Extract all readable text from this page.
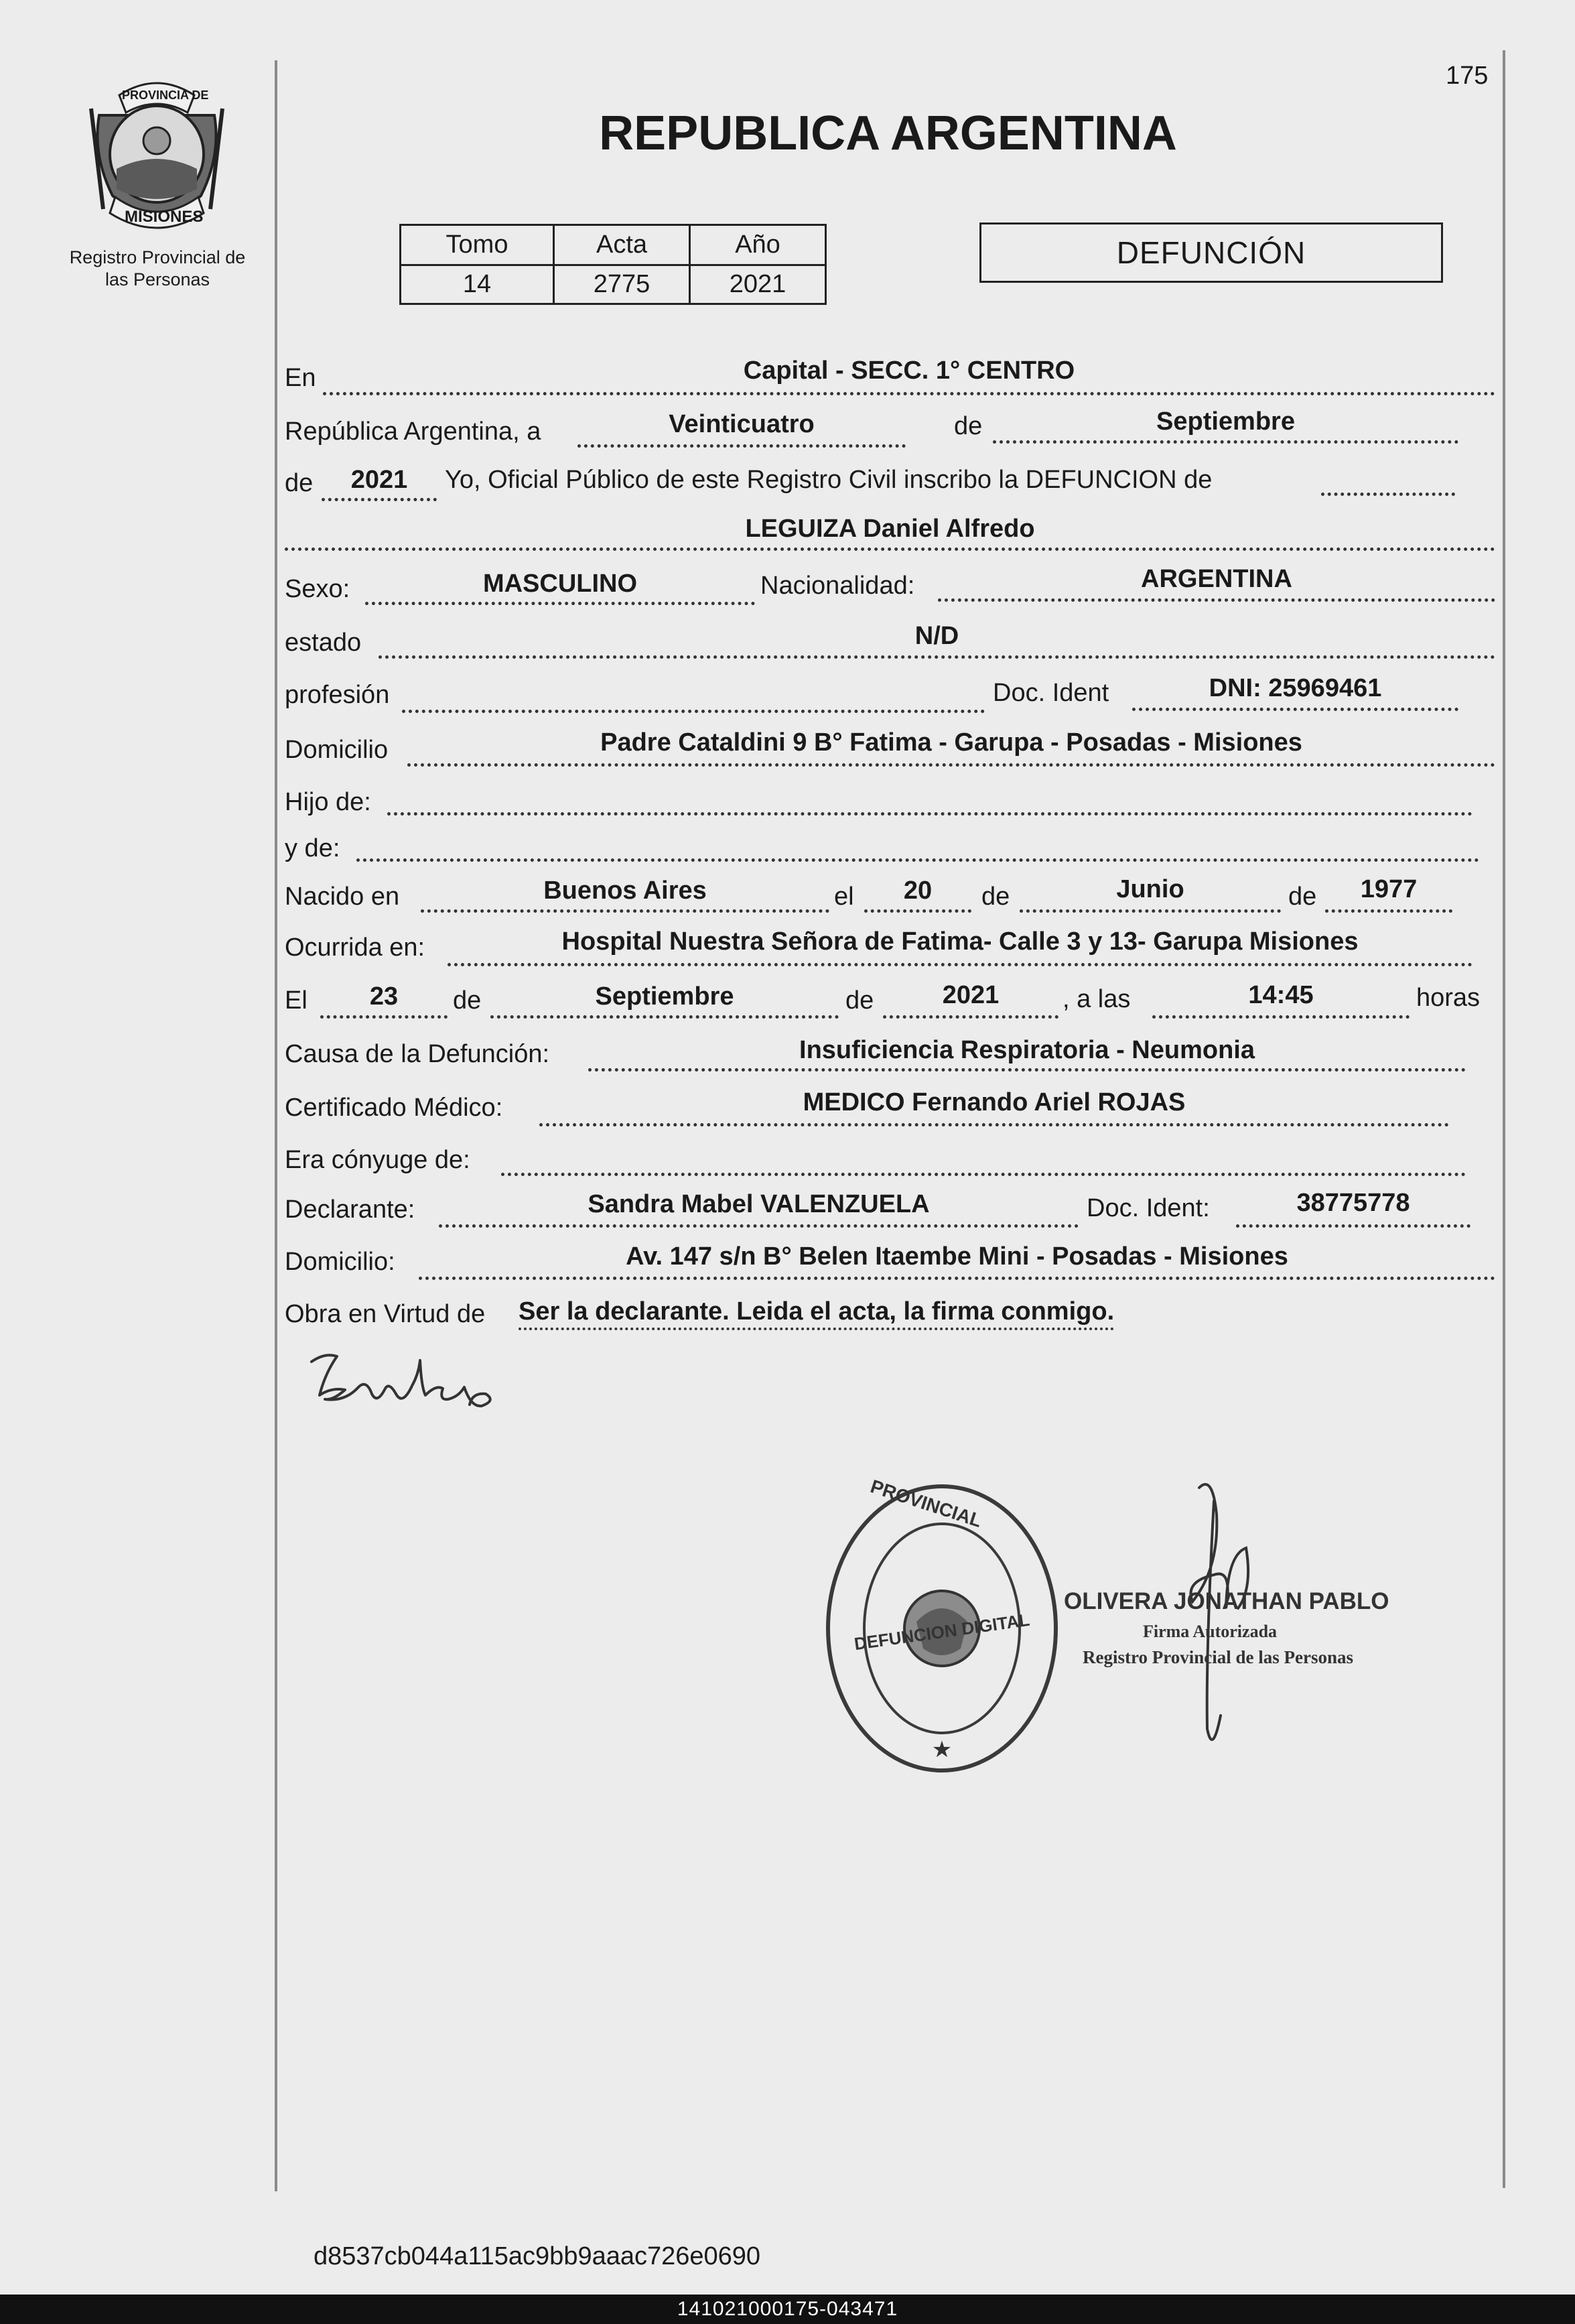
175
PROVINCIA DE
MISIONES
Registro Provincial de
las Personas
REPUBLICA ARGENTINA
Tomo	Acta	Año
14	2775	2021
DEFUNCIÓN
En	Capital - SECC. 1° CENTRO
República Argentina, a	Veinticuatro	de	Septiembre
de	2021	Yo, Oficial Público de este Registro Civil inscribo la DEFUNCION de
LEGUIZA Daniel Alfredo
Sexo:	MASCULINO	Nacionalidad:	ARGENTINA
estado	N/D
profesión	Doc. Ident	DNI: 25969461
Domicilio	Padre Cataldini 9 B° Fatima - Garupa - Posadas - Misiones
Hijo de:
y de:
Nacido en	Buenos Aires	el	20	de	Junio	de	1977
Ocurrida en:	Hospital Nuestra Señora de Fatima- Calle 3 y 13- Garupa Misiones
El	23	de	Septiembre	de	2021	, a las	14:45	horas
Causa de la Defunción:	Insuficiencia Respiratoria - Neumonia
Certificado Médico:	MEDICO Fernando Ariel ROJAS
Era cónyuge de:
Declarante:	Sandra Mabel VALENZUELA	Doc. Ident:	38775778
Domicilio:	Av. 147 s/n B° Belen Itaembe Mini - Posadas - Misiones
Obra en Virtud de Ser la declarante. Leida el acta, la firma conmigo.
★
PROVINCIAL
DEFUNCION DIGITAL
OLIVERA JONATHAN PABLO
Firma Autorizada
Registro Provincial de las Personas
d8537cb044a115ac9bb9aaac726e0690
141021000175-043471
